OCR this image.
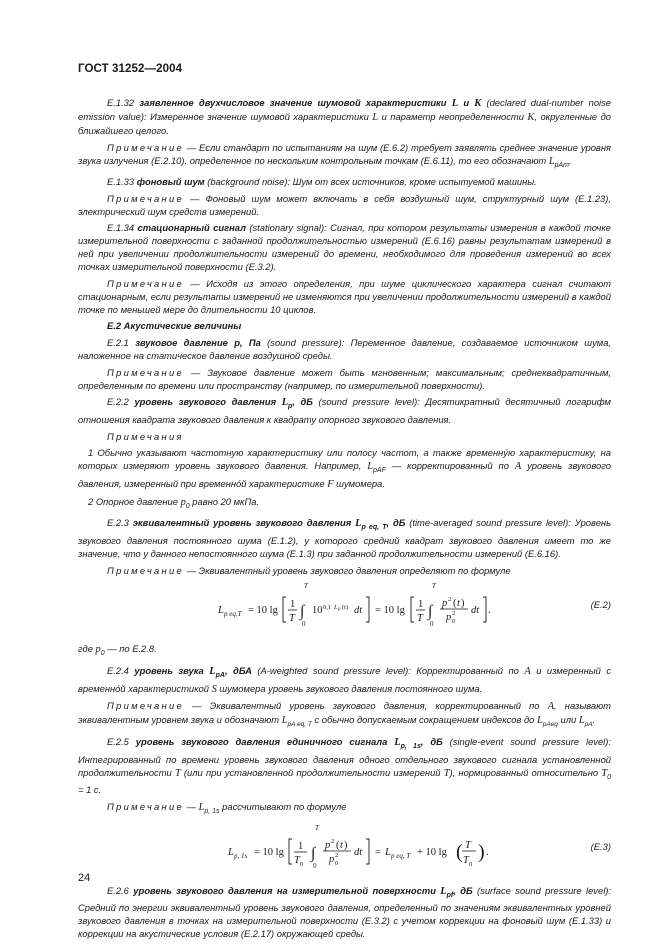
ГОСТ 31252—2004

E.1.32 заявленное двухчисловое значение шумовой характеристики L и K (declared dual-number noise emission value): Измеренное значение шумовой характеристики L и параметр неопределенности K, округленные до ближайшего целого.

Примечание — Если стандарт по испытаниям на шум (E.6.2) требует заявлять среднее значение уровня звука излучения (E.2.10), определенное по нескольким контрольным точкам (E.6.11), то его обозначают $L_{pAm}$.

E.1.33 фоновый шум (background noise): Шум от всех источников, кроме испытуемой машины.

Примечание — Фоновый шум может включать в себя воздушный шум, структурный шум (E.1.23), электрический шум средств измерений.

E.1.34 стационарный сигнал (stationary signal): Сигнал, при котором результаты измерения в каждой точке измерительной поверхности с заданной продолжительностью измерений (E.6.16) равны результатам измерений в ней при увеличении продолжительности измерений до времени, необходимого для проведения измерений во всех точках измерительной поверхности (E.3.2).

Примечание — Исходя из этого определения, при шуме циклического характера сигнал считают стационарным, если результаты измерений не изменяются при увеличении продолжительности измерений в каждой точке по меньшей мере до длительности 10 циклов.

E.2 Акустические величины

E.2.1 звуковое давление p, Па (sound pressure): Переменное давление, создаваемое источником шума, наложенное на статическое давление воздушной среды.

Примечание — Звуковое давление может быть мгновенным; максимальным; среднеквадратичным, определенным по времени или пространству (например, по измерительной поверхности).

E.2.2 уровень звукового давления $L_p$, дБ (sound pressure level): Десятикратный десятичный логарифм отношения квадрата звукового давления к квадрату опорного звукового давления.

Примечания

1 Обычно указывают частотную характеристику или полосу частот, а также временну́ю характеристику, на которых измеряют уровень звукового давления. Например, $L_{pAF}$ — корректированный по A уровень звукового давления, измеренный при временно́й характеристике F шумомера.

2 Опорное давление $p_0$ равно 20 мкПа.

E.2.3 эквивалентный уровень звукового давления $L_{p eq, T}$, дБ (time-averaged sound pressure level): Уровень звукового давления постоянного шума (E.1.2), у которого средний квадрат звукового давления имеет то же значение, что у данного непостоянного шума (E.1.3) при заданной продолжительности измерений (E.6.16).

Примечание — Эквивалентный уровень звукового давления определяют по формуле

L p eq,T = 10 lg
1
T
T
∫
0
10 0,1 L p (t) dt = 10 lg
1
T
T
∫
0
p 2 ( t )
p 2
0
dt .
(E.2)

где $p_0$ — по E.2.8.

E.2.4 уровень звука $L_{pA}$, дБА (A-weighted sound pressure level): Корректированный по A и измеренный с временно́й характеристикой S шумомера уровень звукового давления постоянного шума.

Примечание — Эквивалентный уровень звукового давления, корректированный по A, называют эквивалентным уровнем звука и обозначают $L_{pA eq, T}$ с обычно допускаемым сокращением индексов до $L_{pAeq}$ или $L_{pA}$.

E.2.5 уровень звукового давления единичного сигнала $L_{p, 1s}$, дБ (single-event sound pressure level): Интегрированный по времени уровень звукового давления одного отдельного звукового сигнала установленной продолжительности T (или при установленной продолжительности измерений T), нормированный относительно $T_0 = 1$ с.

Примечание — $L_{p, 1s}$ рассчитывают по формуле

L p, 1s = 10 lg
1
T 0
T
∫
0
p 2 ( t )
p 2
0
dt = L p eq, T + 10 lg ( T
T 0
) .
(E.3)

E.2.6 уровень звукового давления на измерительной поверхности $L_{pf}$, дБ (surface sound pressure level): Средний по энергии эквивалентный уровень звукового давления, определенный по значениям эквивалентных уровней звукового давления в точках на измерительной поверхности (E.3.2) с учетом коррекции на фоновый шум (E.1.33) и коррекции на акустические условия (E.2.17) окружающей среды.

24
